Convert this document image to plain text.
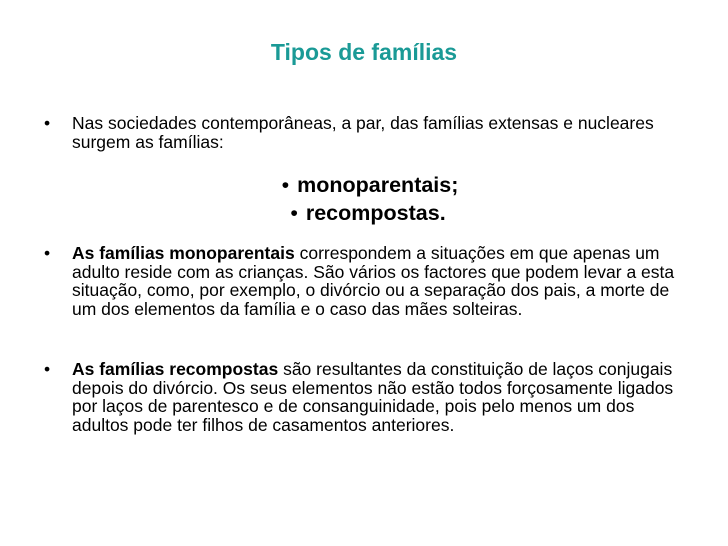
Tipos de famílias
• Nas sociedades contemporâneas, a par, das famílias extensas e nucleares surgem as famílias:
• monoparentais;
• recompostas.
• As famílias monoparentais correspondem a situações em que apenas um adulto reside com as crianças. São vários os factores que podem levar a esta situação, como, por exemplo, o divórcio ou a separação dos pais, a morte de um dos elementos da família e o caso das mães solteiras.
• As famílias recompostas são resultantes da constituição de laços conjugais depois do divórcio. Os seus elementos não estão todos forçosamente ligados por laços de parentesco e de consanguinidade, pois pelo menos um dos adultos pode ter filhos de casamentos anteriores.
